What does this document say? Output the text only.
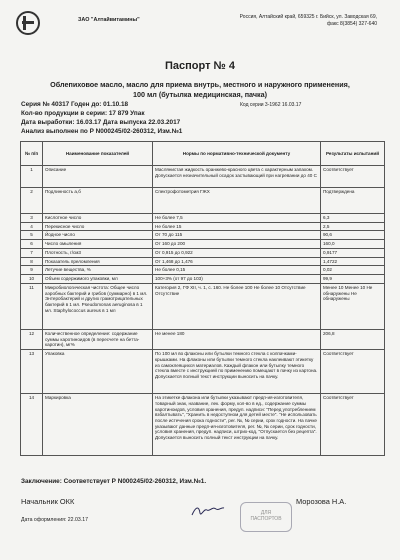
ЗАО "Алтайвитамины"	Россия, Алтайский край, 659325 г. Бийск, ул. Заводская 69,
факс 8(3854) 327-640
Паспорт № 4
Облепиховое масло, масло для приема внутрь, местного и наружного применения,
100 мл (бутылка медицинская, пачка)
Серия № 40317 Годен до: 01.10.18	Код серии 3-1962 16.03.17
Кол-во продукции в серии: 17 879 Упак
Дата выработки: 16.03.17 Дата выпуска 22.03.2017
Анализ выполнен по Р N000245/02-260312, Изм.№1
№ п/п	Наименование показателей	Нормы по нормативно-технической документу	Результаты испытаний
1	Описание	Маслянистая жидкость оранжево-красного цвета с характерным запахом. Допускается незначительный осадок застывающий при нагревании до 40 С	Соответствует
2	Подлинность а,б	Спектрофотометрия ГЖХ	Подтверждена
3	Кислотное число	Не более 7,5	6,3
4	Перекисное число	Не более 15	2,5
5	Йодное число	От 70 до 115	90,6
6	Число омыления	От 160 до 200	160,0
7	Плотность, г/см3	От 0,915 до 0,922	0,9177
8	Показатель преломления	От 1,468 до 1,476	1,4722
9	Летучие вещества, %	Не более 0,15	0,02
10	Объем содержимого упаковки, мл	100+3% (от 97 до 103)	99,9
11	Микробиологическая чистота: Общее число аэробных бактерий и грибов (суммарно) в 1 мл. Энтеробактерий и других грамотрицательных бактерий в 1 мл. Pseudomonas aeruginosa в 1 мл. Staphylococcus aureus в 1 мл	Категория 2, ГФ XII, ч. 1, с. 160. Не более 100 Не более 10 Отсутствие Отсутствие	Менее 10 Менее 10 Не обнаружены Не обнаружены
12	Количественное определение: содержание суммы каротиноидов (в пересчете на бетта-каротин), мг%	Не менее 180	206,8
13	Упаковка	По 100 мл во флаконы или бутылки темного стекла с колпачками-крышками. На флаконы или бутылки темного стекла наклеивают этикетку из самоклеящихся материалов. Каждый флакон или бутылку темного стекла вместе с инструкцией по применению помещают в пачку из картона. Допускается полный текст инструкции выносить на пачку.	Соответствует
14	Маркировка	На этикетке флакона или бутылки указывают предп-ия-изготовителя, товарный знак, название, лек. форму, кол-во в ед., содержание суммы каротиноидов, условия хранения, предуп. надписи: "Перед употреблением взбалтывать", "Хранить в недоступном для детей месте". "Не использовать после истечения срока годности", рег. №, № серии, срок годности. На пачке указывают данные предп-ия-изготовителя, рег. №, № серии, срок годности, условия хранения, предуп. надписи, штрих-код, "Отпускается без рецепта". Допускается выносить полный текст инструкции на пачку.	Соответствует
Заключение: Соответствует Р N000245/02-260312, Изм.№1.
Начальник ОКК	Морозова Н.А.
ДЛЯ
ПАСПОРТОВ
Дата оформления: 22.03.17
